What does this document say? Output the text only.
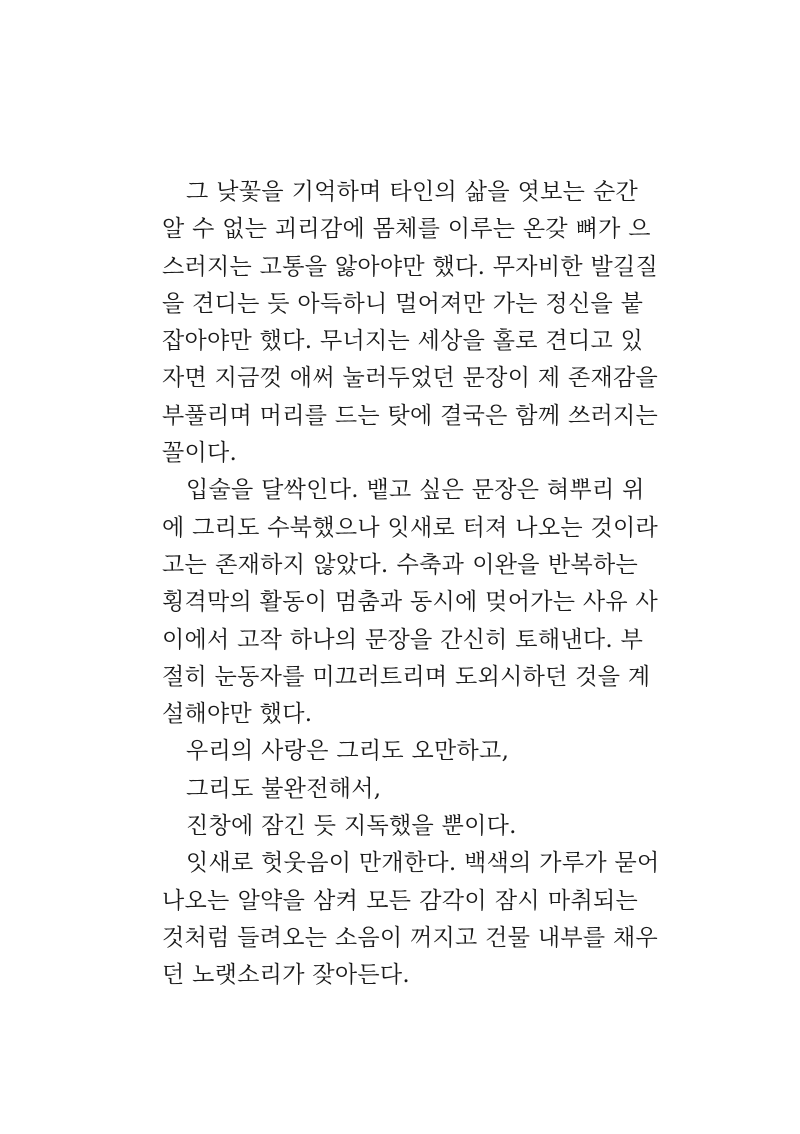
그 낮꽃을 기억하며 타인의 삶을 엿보는 순간
알 수 없는 괴리감에 몸체를 이루는 온갖 뼈가 으
스러지는 고통을 앓아야만 했다. 무자비한 발길질
을 견디는 듯 아득하니 멀어져만 가는 정신을 붙
잡아야만 했다. 무너지는 세상을 홀로 견디고 있
자면 지금껏 애써 눌러두었던 문장이 제 존재감을
부풀리며 머리를 드는 탓에 결국은 함께 쓰러지는
꼴이다.
입술을 달싹인다. 뱉고 싶은 문장은 혀뿌리 위
에 그리도 수북했으나 잇새로 터져 나오는 것이라
고는 존재하지 않았다. 수축과 이완을 반복하는
횡격막의 활동이 멈춤과 동시에 멎어가는 사유 사
이에서 고작 하나의 문장을 간신히 토해낸다. 부
절히 눈동자를 미끄러트리며 도외시하던 것을 계
설해야만 했다.
우리의 사랑은 그리도 오만하고,
그리도 불완전해서,
진창에 잠긴 듯 지독했을 뿐이다.
잇새로 헛웃음이 만개한다. 백색의 가루가 묻어
나오는 알약을 삼켜 모든 감각이 잠시 마취되는
것처럼 들려오는 소음이 꺼지고 건물 내부를 채우
던 노랫소리가 잦아든다.
